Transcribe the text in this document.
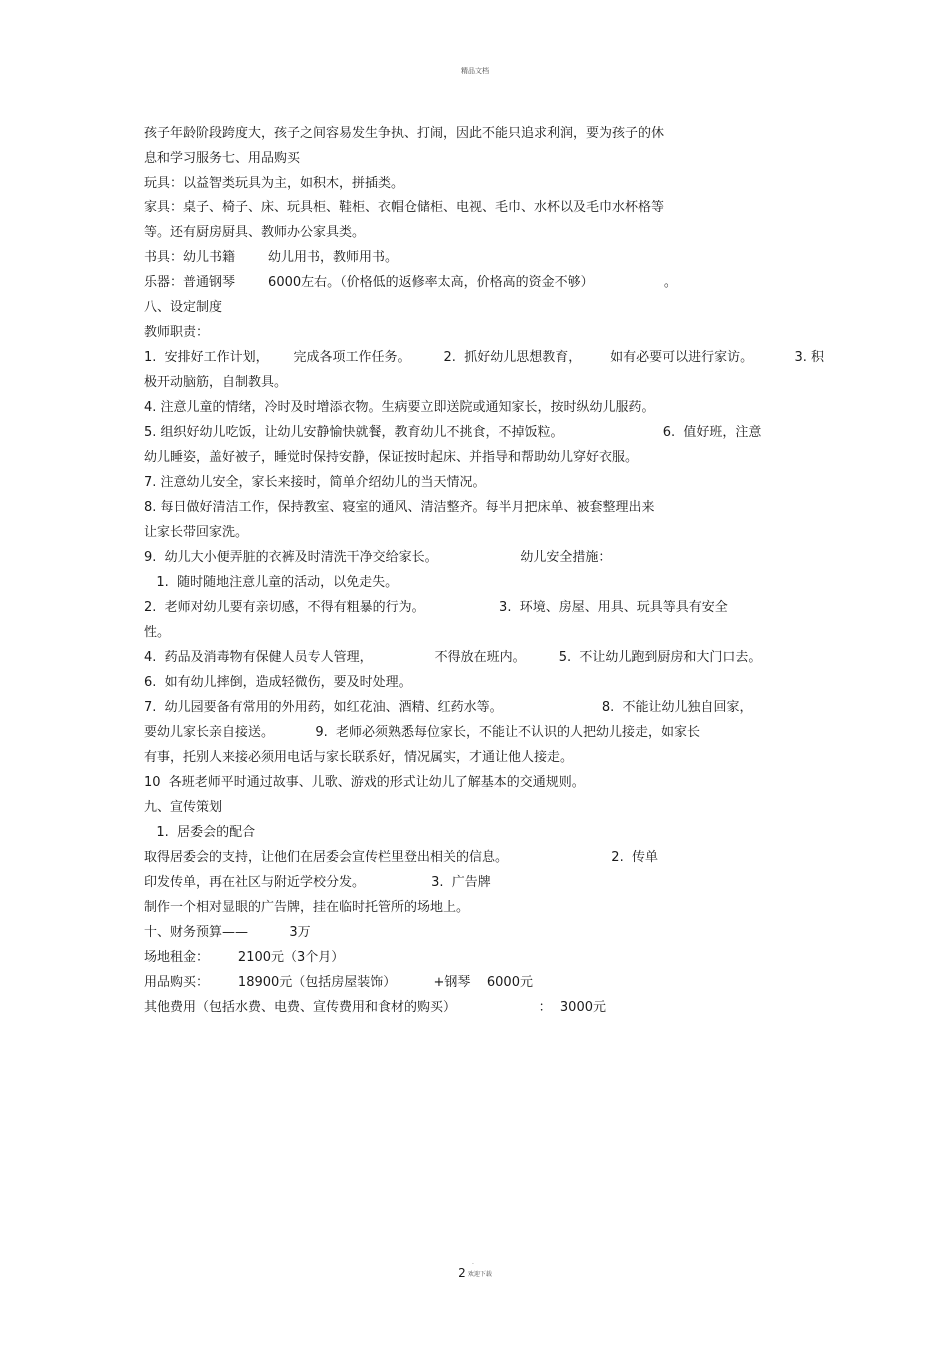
精品文档
孩子年龄阶段跨度大，孩子之间容易发生争执、打闹，因此不能只追求利润，要为孩子的休
息和学习服务七、用品购买
玩具：以益智类玩具为主，如积木，拼插类。
家具：桌子、椅子、床、玩具柜、鞋柜、衣帽仓储柜、电视、毛巾、水杯以及毛巾水杯格等
等。还有厨房厨具、教师办公家具类。
书具：幼儿书籍        幼儿用书，教师用书。
乐器：普通钢琴        6000左右。（价格低的返修率太高，价格高的资金不够）                 。
八、设定制度
教师职责：
1.  安排好工作计划，      完成各项工作任务。        2.  抓好幼儿思想教育，       如有必要可以进行家访。          3. 积
极开动脑筋，自制教具。
4. 注意儿童的情绪，冷时及时增添衣物。生病要立即送院或通知家长，按时纵幼儿服药。
5. 组织好幼儿吃饭，让幼儿安静愉快就餐，教育幼儿不挑食，不掉饭粒。                        6.  值好班，注意
幼儿睡姿，盖好被子，睡觉时保持安静，保证按时起床、并指导和帮助幼儿穿好衣服。
7. 注意幼儿安全，家长来接时，简单介绍幼儿的当天情况。
8. 每日做好清洁工作，保持教室、寝室的通风、清洁整齐。每半月把床单、被套整理出来
让家长带回家洗。
9.  幼儿大小便弄脏的衣裤及时清洗干净交给家长。                    幼儿安全措施：
1.  随时随地注意儿童的活动，以免走失。
2.  老师对幼儿要有亲切感，不得有粗暴的行为。                  3.  环境、房屋、用具、玩具等具有安全
性。
4.  药品及消毒物有保健人员专人管理，               不得放在班内。        5.  不让幼儿跑到厨房和大门口去。
6.  如有幼儿摔倒，造成轻微伤，要及时处理。
7.  幼儿园要备有常用的外用药，如红花油、酒精、红药水等。                        8.  不能让幼儿独自回家，
要幼儿家长亲自接送。          9.  老师必须熟悉每位家长，不能让不认识的人把幼儿接走，如家长
有事，托别人来接必须用电话与家长联系好，情况属实，才通让他人接走。
10  各班老师平时通过故事、儿歌、游戏的形式让幼儿了解基本的交通规则。
九、宣传策划
1.  居委会的配合
取得居委会的支持，让他们在居委会宣传栏里登出相关的信息。                         2.  传单
印发传单，再在社区与附近学校分发。                3.  广告牌
制作一个相对显眼的广告牌，挂在临时托管所的场地上。
十、财务预算——          3万
场地租金：       2100元（3个月）
用品购买：       18900元（包括房屋装饰）         +钢琴    6000元
其他费用（包括水费、电费、宣传费用和食材的购买）                    ：  3000元
.
2 欢迎下载
